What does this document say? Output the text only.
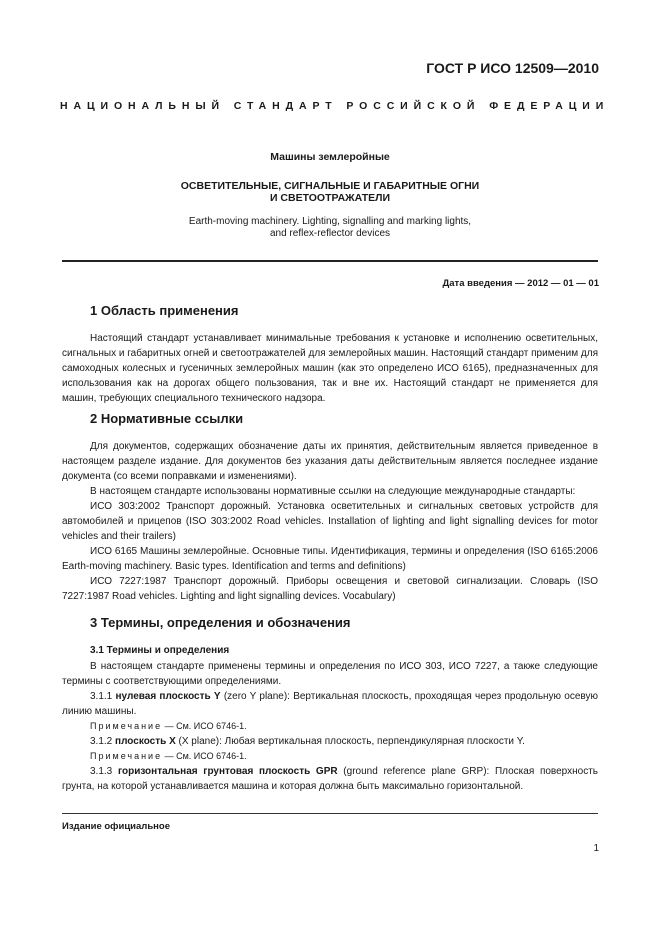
ГОСТ Р ИСО 12509—2010
НАЦИОНАЛЬНЫЙ СТАНДАРТ РОССИЙСКОЙ ФЕДЕРАЦИИ
Машины землеройные
ОСВЕТИТЕЛЬНЫЕ, СИГНАЛЬНЫЕ И ГАБАРИТНЫЕ ОГНИ
И СВЕТООТРАЖАТЕЛИ
Earth-moving machinery. Lighting, signalling and marking lights,
and reflex-reflector devices
Дата введения — 2012 — 01 — 01
1 Область применения

Настоящий стандарт устанавливает минимальные требования к установке и исполнению осветительных, сигнальных и габаритных огней и светоотражателей для землеройных машин. Настоящий стандарт применим для самоходных колесных и гусеничных землеройных машин (как это определено ИСО 6165), предназначенных для использования как на дорогах общего пользования, так и вне их. Настоящий стандарт не применяется для машин, требующих специального технического надзора.

2 Нормативные ссылки

Для документов, содержащих обозначение даты их принятия, действительным является приведенное в настоящем разделе издание. Для документов без указания даты действительным является последнее издание документа (со всеми поправками и изменениями).

В настоящем стандарте использованы нормативные ссылки на следующие международные стандарты:

ИСО 303:2002 Транспорт дорожный. Установка осветительных и сигнальных световых устройств для автомобилей и прицепов (ISO 303:2002 Road vehicles. Installation of lighting and light signalling devices for motor vehicles and their trailers)

ИСО 6165 Машины землеройные. Основные типы. Идентификация, термины и определения (ISO 6165:2006 Earth-moving machinery. Basic types. Identification and terms and definitions)

ИСО 7227:1987 Транспорт дорожный. Приборы освещения и световой сигнализации. Словарь (ISO 7227:1987 Road vehicles. Lighting and light signalling devices. Vocabulary)

3 Термины, определения и обозначения
3.1 Термины и определения

В настоящем стандарте применены термины и определения по ИСО 303, ИСО 7227, а также следующие термины с соответствующими определениями.

3.1.1 нулевая плоскость Y (zero Y plane): Вертикальная плоскость, проходящая через продольную осевую линию машины.

Примечание — См. ИСО 6746-1.

3.1.2 плоскость X (X plane): Любая вертикальная плоскость, перпендикулярная плоскости Y.

Примечание — См. ИСО 6746-1.

3.1.3 горизонтальная грунтовая плоскость GPR (ground reference plane GRP): Плоская поверхность грунта, на которой устанавливается машина и которая должна быть максимально горизонтальной.

Издание официальное
1
